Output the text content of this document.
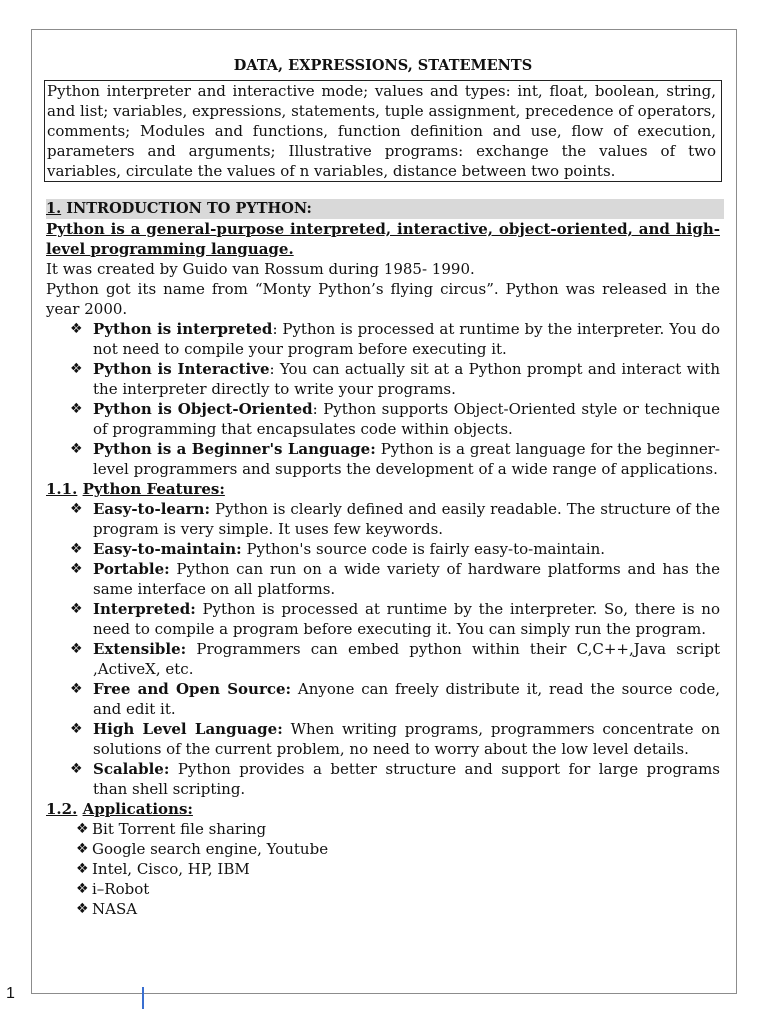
DATA, EXPRESSIONS, STATEMENTS

Python interpreter and interactive mode; values and types: int, float, boolean, string, and list; variables, expressions, statements, tuple assignment, precedence of operators, comments; Modules and functions, function definition and use, flow of execution, parameters and arguments; Illustrative programs: exchange the values of two variables, circulate the values of n variables, distance between two points.
1. INTRODUCTION TO PYTHON:

Python is a general-purpose interpreted, interactive, object-oriented, and high-level programming language.

It was created by Guido van Rossum during 1985- 1990.

Python got its name from “Monty Python’s flying circus”. Python was released in the year 2000.

❖ Python is interpreted: Python is processed at runtime by the interpreter. You do not need to compile your program before executing it.
❖ Python is Interactive: You can actually sit at a Python prompt and interact with the interpreter directly to write your programs.
❖ Python is Object-Oriented: Python supports Object-Oriented style or technique of programming that encapsulates code within objects.
❖ Python is a Beginner's Language: Python is a great language for the beginner-level programmers and supports the development of a wide range of applications.

1.1. Python Features:

❖ Easy-to-learn: Python is clearly defined and easily readable. The structure of the program is very simple. It uses few keywords.
❖ Easy-to-maintain: Python's source code is fairly easy-to-maintain.
❖ Portable: Python can run on a wide variety of hardware platforms and has the same interface on all platforms.
❖ Interpreted: Python is processed at runtime by the interpreter. So, there is no need to compile a program before executing it. You can simply run the program.
❖ Extensible: Programmers can embed python within their C,C++,Java script ,ActiveX, etc.
❖ Free and Open Source: Anyone can freely distribute it, read the source code, and edit it.
❖ High Level Language: When writing programs, programmers concentrate on solutions of the current problem, no need to worry about the low level details.
❖ Scalable: Python provides a better structure and support for large programs than shell scripting.

1.2. Applications:

❖ Bit Torrent file sharing
❖ Google search engine, Youtube
❖ Intel, Cisco, HP, IBM
❖ i–Robot
❖ NASA
1
